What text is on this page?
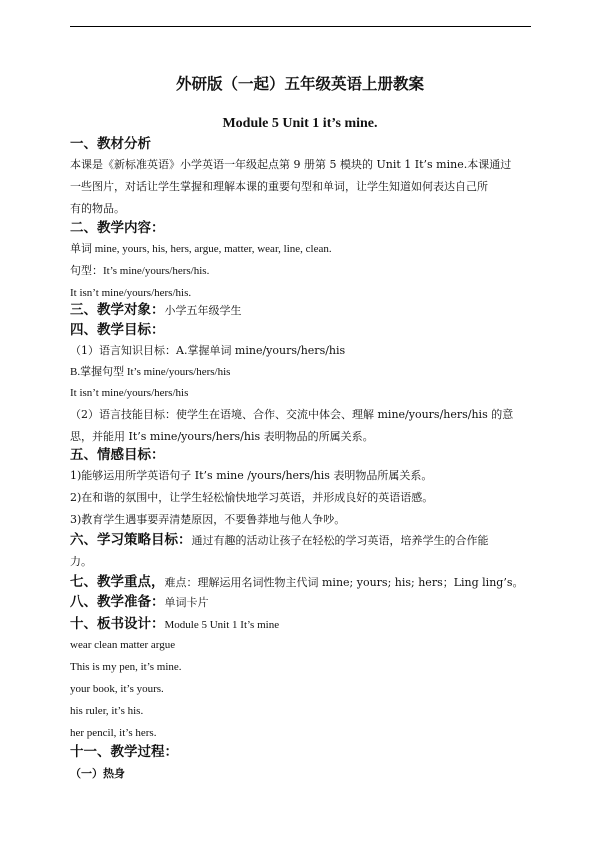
外研版（一起）五年级英语上册教案
Module 5 Unit 1 it’s mine.
一、教材分析
本课是《新标准英语》小学英语一年级起点第 9 册第 5 模块的 Unit 1 It’s mine.本课通过
一些图片，对话让学生掌握和理解本课的重要句型和单词，让学生知道如何表达自己所
有的物品。
二、教学内容：
单词 mine, yours, his, hers, argue, matter, wear, line, clean.
句型：It’s mine/yours/hers/his.
It isn’t mine/yours/hers/his.
三、教学对象：小学五年级学生
四、教学目标：
（1）语言知识目标：A.掌握单词 mine/yours/hers/his
B.掌握句型 It’s mine/yours/hers/his
It isn’t mine/yours/hers/his
（2）语言技能目标：使学生在语境、合作、交流中体会、理解 mine/yours/hers/his 的意
思，并能用 It’s mine/yours/hers/his 表明物品的所属关系。
五、情感目标：
1)能够运用所学英语句子 It’s mine /yours/hers/his 表明物品所属关系。
2)在和谐的氛围中，让学生轻松愉快地学习英语，并形成良好的英语语感。
3)教育学生遇事要弄清楚原因，不要鲁莽地与他人争吵。
六、学习策略目标：通过有趣的活动让孩子在轻松的学习英语，培养学生的合作能
力。
七、教学重点，难点：理解运用名词性物主代词 mine; yours; his; hers；Ling ling’s。
八、教学准备：单词卡片
十、板书设计：Module 5 Unit 1 It’s mine
wear clean matter argue
This is my pen, it’s mine.
your book, it’s yours.
his ruler, it’s his.
her pencil, it’s hers.
十一、教学过程：
（一）热身
